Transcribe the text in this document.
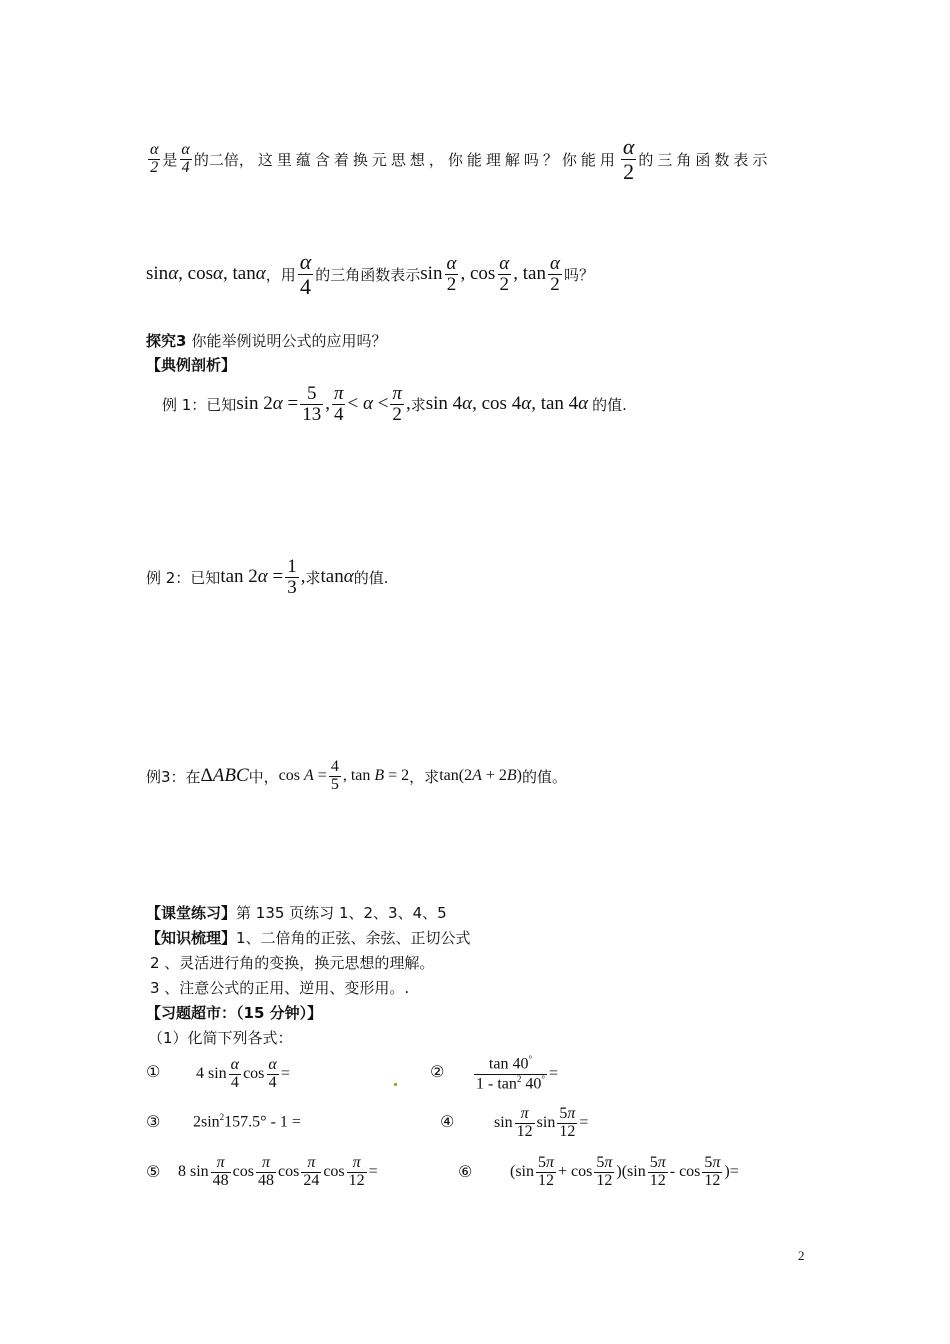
$\frac{\alpha}{2}$ 是 $\frac{\alpha}{4}$ 的二倍 ，这里蕴含着换元思想，你能理解吗？你能用 $\frac{\alpha}{2}$ 的三角函数表示
sinα, cosα, tanα ，用 $\frac{\alpha}{4}$ 的三角函数表示 $\sin \frac{\alpha}{2}$ , $\cos \frac{\alpha}{2}$ , $\tan \frac{\alpha}{2}$ 吗？
探究3 你能举例说明公式的应用吗？
【典例剖析】
例 1：已知 $\sin 2\alpha = \frac{5}{13}$ , $\frac{\pi}{4} < \alpha < \frac{\pi}{2}$ , 求 sin 4α, cos 4α, tan 4α 的值.
例 2：已知 $\tan 2\alpha = \frac{1}{3}$ , 求 tanα 的值.
例3：在 ΔABC 中， $\cos A = \frac{4}{5}$ , tan B = 2 ，求 tan(2A + 2B) 的值。
【课堂练习】第 135 页练习 1、2、3、4、5
【知识梳理】1、二倍角的正弦、余弦、正切公式
2 、灵活进行角的变换，换元思想的理解。
3 、注意公式的正用、逆用、变形用。.
【习题超市：（15 分钟）】
（1）化简下列各式：
① 4 $\sin \frac{\alpha}{4}$ $\cos \frac{\alpha}{4}$ =	② $\frac{\tan 40^\circ}{1 - \tan^2 40^\circ}$ =
③ $2\sin^2157.5^\circ - 1$ =	④ $\sin \frac{\pi}{12}$ $\sin \frac{5\pi}{12}$ =
⑤ 8 $\sin \frac{\pi}{48}$ $\cos \frac{\pi}{48}$ $\cos \frac{\pi}{24}$ $\cos \frac{\pi}{12}$ =	⑥ $(\sin \frac{5\pi}{12} + \cos \frac{5\pi}{12} )(\sin \frac{5\pi}{12} - \cos \frac{5\pi}{12}$ )=
2
